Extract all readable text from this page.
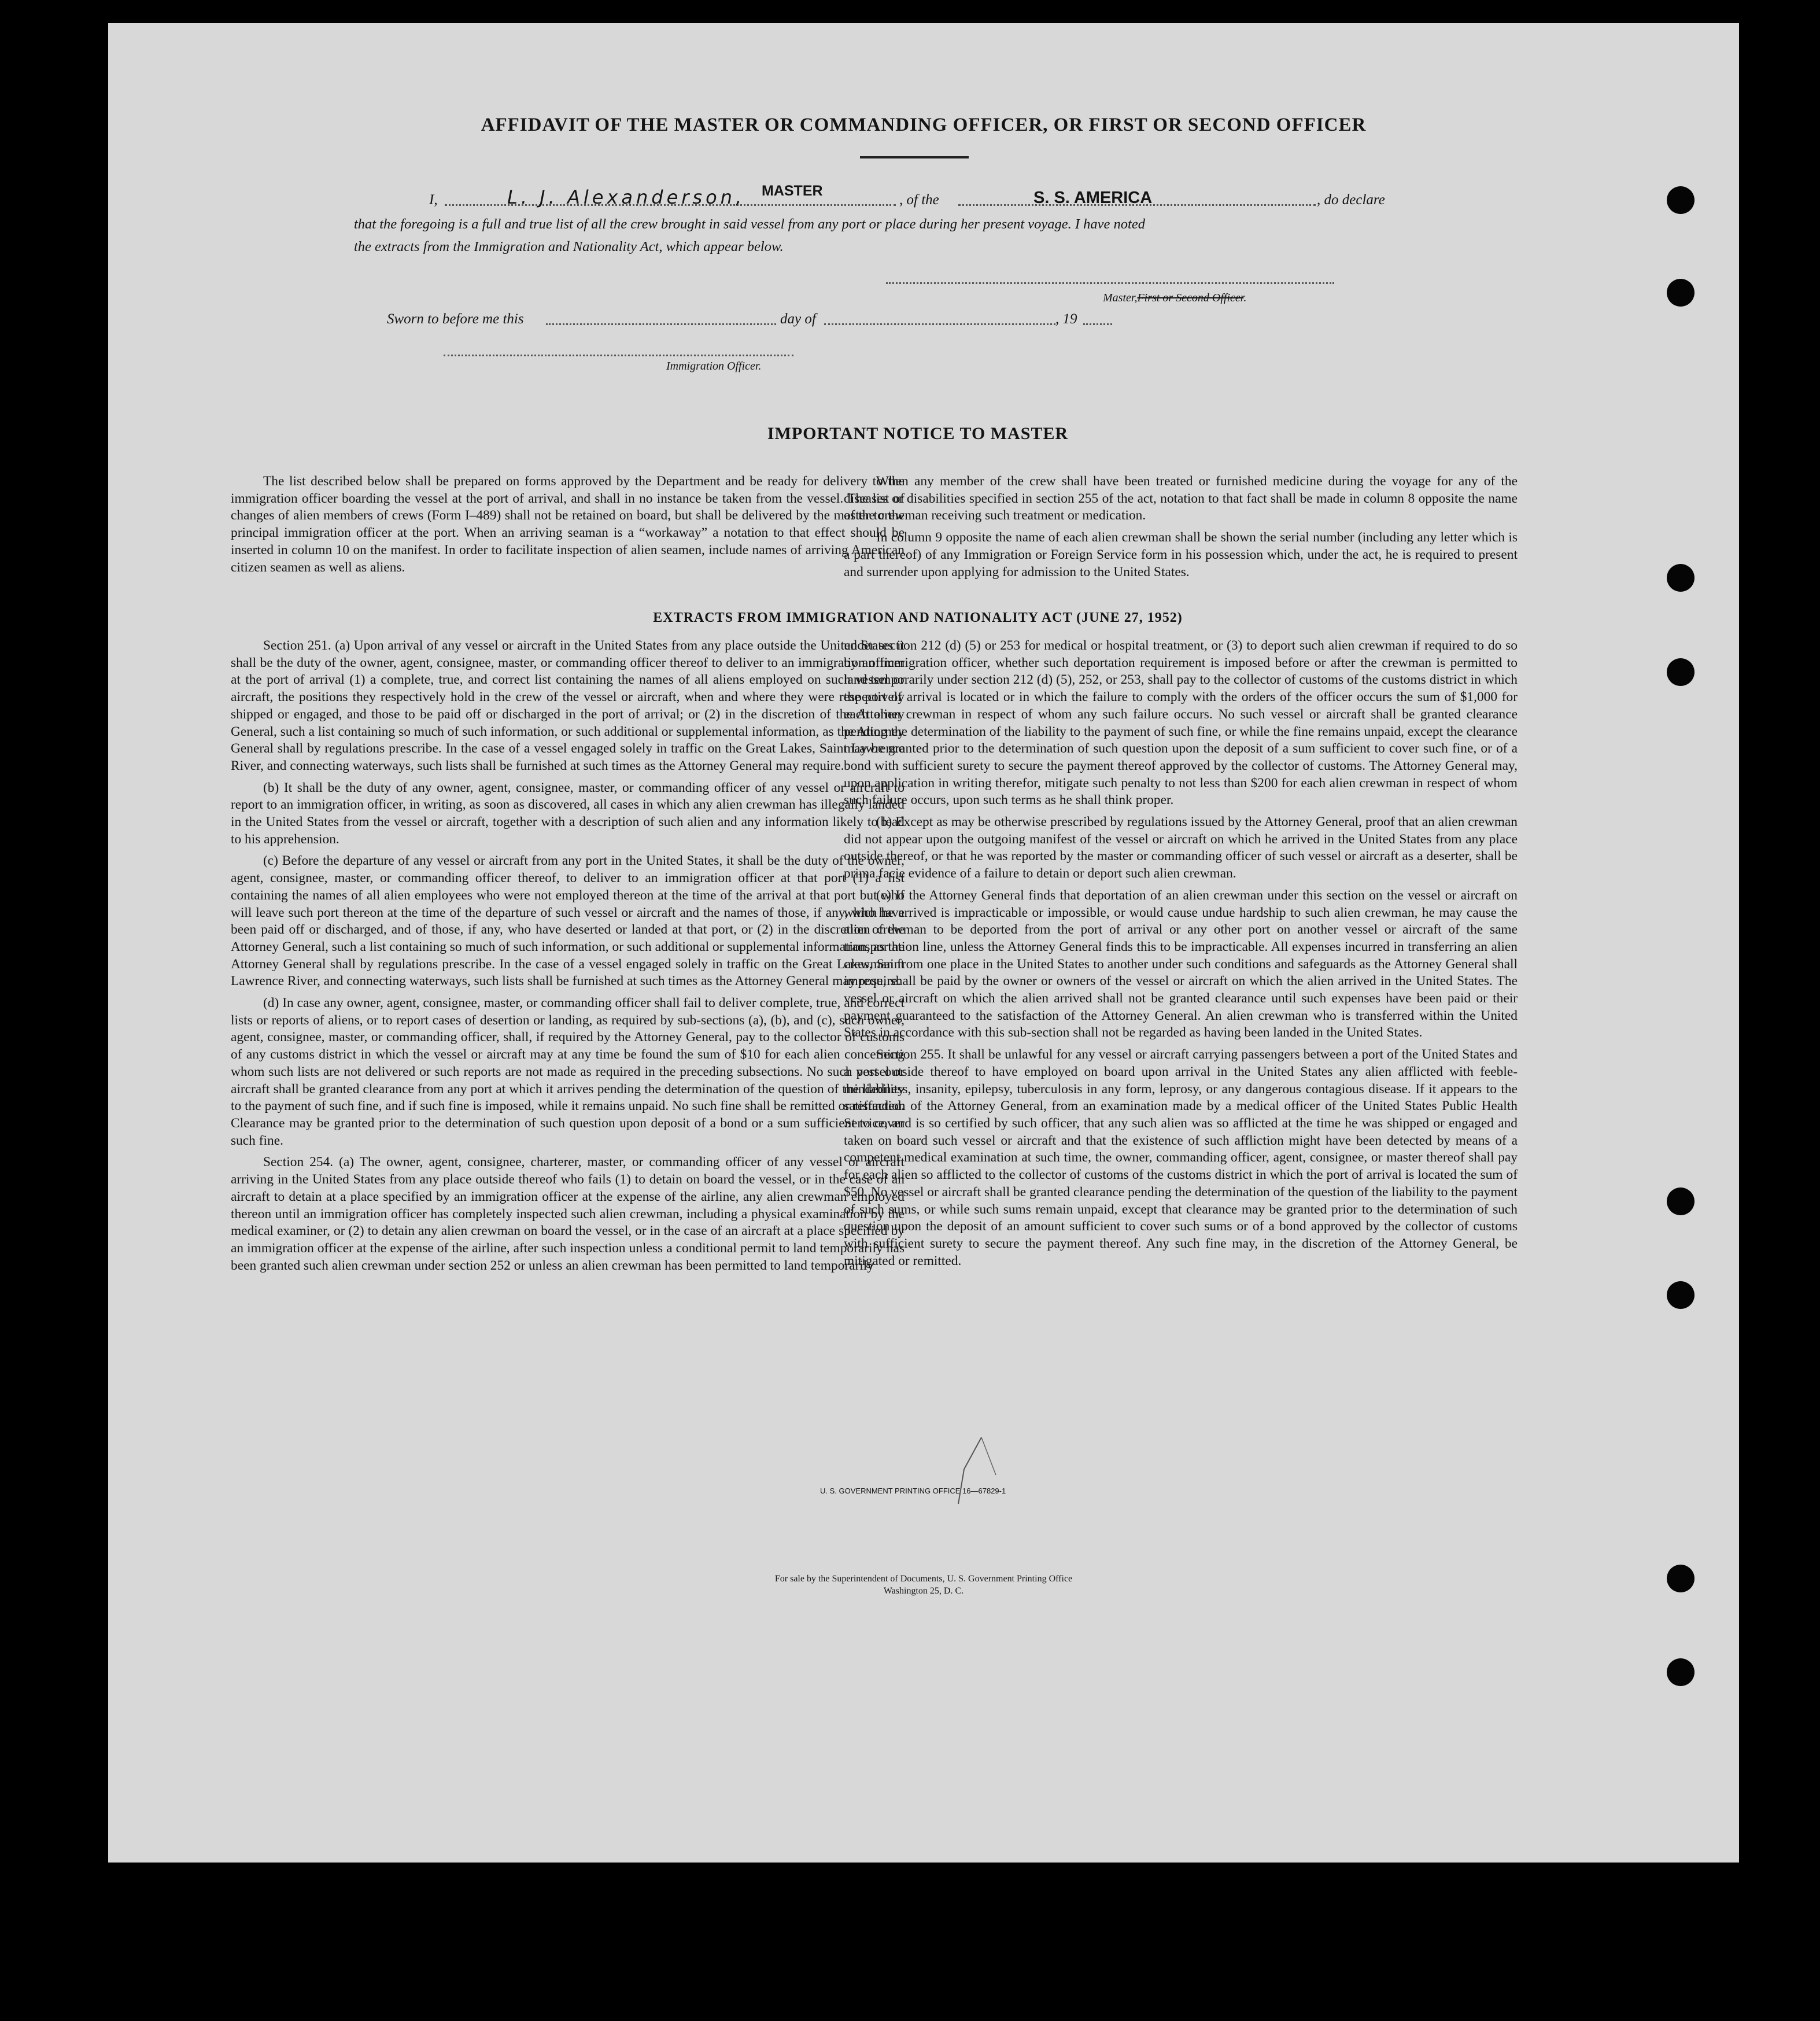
AFFIDAVIT OF THE MASTER OR COMMANDING OFFICER, OR FIRST OR SECOND OFFICER
I,	L. J. Alexanderson, MASTER
, of the	S. S. AMERICA	, do declare
that the foregoing is a full and true list of all the crew brought in said vessel from any port or place during her present voyage. I have noted
the extracts from the Immigration and Nationality Act, which appear below.
Master,First or Second Officer.
Sworn to before me this	day of	, 19
Immigration Officer.
IMPORTANT NOTICE TO MASTER

The list described below shall be prepared on forms approved by the Department and be ready for delivery to the immigration officer boarding the vessel at the port of arrival, and shall in no instance be taken from the vessel. The list of changes of alien members of crews (Form I–489) shall not be retained on board, but shall be delivered by the master to the principal immigration officer at the port. When an arriving seaman is a “workaway” a notation to that effect should be inserted in column 10 on the manifest. In order to facilitate inspection of alien seamen, include names of arriving American citizen seamen as well as aliens.

When any member of the crew shall have been treated or furnished medicine during the voyage for any of the diseases or disabilities specified in section 255 of the act, notation to that fact shall be made in column 8 opposite the name of the crewman receiving such treatment or medication.

In column 9 opposite the name of each alien crewman shall be shown the serial number (including any letter which is a part thereof) of any Immigration or Foreign Service form in his possession which, under the act, he is required to present and surrender upon applying for admission to the United States.

EXTRACTS FROM IMMIGRATION AND NATIONALITY ACT (JUNE 27, 1952)

Section 251. (a) Upon arrival of any vessel or aircraft in the United States from any place outside the United States it shall be the duty of the owner, agent, consignee, master, or commanding officer thereof to deliver to an immigration officer at the port of arrival (1) a complete, true, and correct list containing the names of all aliens employed on such vessel or aircraft, the positions they respectively hold in the crew of the vessel or aircraft, when and where they were respectively shipped or engaged, and those to be paid off or discharged in the port of arrival; or (2) in the discretion of the Attorney General, such a list containing so much of such information, or such additional or supplemental information, as the Attorney General shall by regulations prescribe. In the case of a vessel engaged solely in traffic on the Great Lakes, Saint Lawrence River, and connecting waterways, such lists shall be furnished at such times as the Attorney General may require.

(b) It shall be the duty of any owner, agent, consignee, master, or commanding officer of any vessel or aircraft to report to an immigration officer, in writing, as soon as discovered, all cases in which any alien crewman has illegally landed in the United States from the vessel or aircraft, together with a description of such alien and any information likely to lead to his apprehension.

(c) Before the departure of any vessel or aircraft from any port in the United States, it shall be the duty of the owner, agent, consignee, master, or commanding officer thereof, to deliver to an immigration officer at that port (1) a list containing the names of all alien employees who were not employed thereon at the time of the arrival at that port but who will leave such port thereon at the time of the departure of such vessel or aircraft and the names of those, if any, who have been paid off or discharged, and of those, if any, who have deserted or landed at that port, or (2) in the discretion of the Attorney General, such a list containing so much of such information, or such additional or supplemental information, as the Attorney General shall by regulations prescribe. In the case of a vessel engaged solely in traffic on the Great Lakes, Saint Lawrence River, and connecting waterways, such lists shall be furnished at such times as the Attorney General may require.

(d) In case any owner, agent, consignee, master, or commanding officer shall fail to deliver complete, true, and correct lists or reports of aliens, or to report cases of desertion or landing, as required by sub-sections (a), (b), and (c), such owner, agent, consignee, master, or commanding officer, shall, if required by the Attorney General, pay to the collector of customs of any customs district in which the vessel or aircraft may at any time be found the sum of $10 for each alien concerning whom such lists are not delivered or such reports are not made as required in the preceding subsections. No such vessel or aircraft shall be granted clearance from any port at which it arrives pending the determination of the question of the liability to the payment of such fine, and if such fine is imposed, while it remains unpaid. No such fine shall be remitted or refunded. Clearance may be granted prior to the determination of such question upon deposit of a bond or a sum sufficient to cover such fine.

Section 254. (a) The owner, agent, consignee, charterer, master, or commanding officer of any vessel or aircraft arriving in the United States from any place outside thereof who fails (1) to detain on board the vessel, or in the case of an aircraft to detain at a place specified by an immigration officer at the expense of the airline, any alien crewman employed thereon until an immigration officer has completely inspected such alien crewman, including a physical examination by the medical examiner, or (2) to detain any alien crewman on board the vessel, or in the case of an aircraft at a place specified by an immigration officer at the expense of the airline, after such inspection unless a conditional permit to land temporarily has been granted such alien crewman under section 252 or unless an alien crewman has been permitted to land temporarily

under section 212 (d) (5) or 253 for medical or hospital treatment, or (3) to deport such alien crewman if required to do so by an immigration officer, whether such deportation requirement is imposed before or after the crewman is permitted to land temporarily under section 212 (d) (5), 252, or 253, shall pay to the collector of customs of the customs district in which the port of arrival is located or in which the failure to comply with the orders of the officer occurs the sum of $1,000 for each alien crewman in respect of whom any such failure occurs. No such vessel or aircraft shall be granted clearance pending the determination of the liability to the payment of such fine, or while the fine remains unpaid, except the clearance may be granted prior to the determination of such question upon the deposit of a sum sufficient to cover such fine, or of a bond with sufficient surety to secure the payment thereof approved by the collector of customs. The Attorney General may, upon application in writing therefor, mitigate such penalty to not less than $200 for each alien crewman in respect of whom such failure occurs, upon such terms as he shall think proper.

(b) Except as may be otherwise prescribed by regulations issued by the Attorney General, proof that an alien crewman did not appear upon the outgoing manifest of the vessel or aircraft on which he arrived in the United States from any place outside thereof, or that he was reported by the master or commanding officer of such vessel or aircraft as a deserter, shall be prima facie evidence of a failure to detain or deport such alien crewman.

(c) If the Attorney General finds that deportation of an alien crewman under this section on the vessel or aircraft on which he arrived is impracticable or impossible, or would cause undue hardship to such alien crewman, he may cause the alien crewman to be deported from the port of arrival or any other port on another vessel or aircraft of the same transportation line, unless the Attorney General finds this to be impracticable. All expenses incurred in transferring an alien crewman from one place in the United States to another under such conditions and safeguards as the Attorney General shall impose, shall be paid by the owner or owners of the vessel or aircraft on which the alien arrived in the United States. The vessel or aircraft on which the alien arrived shall not be granted clearance until such expenses have been paid or their payment guaranteed to the satisfaction of the Attorney General. An alien crewman who is transferred within the United States in accordance with this sub-section shall not be regarded as having been landed in the United States.

Section 255. It shall be unlawful for any vessel or aircraft carrying passengers between a port of the United States and a port outside thereof to have employed on board upon arrival in the United States any alien afflicted with feeble-mindedness, insanity, epilepsy, tuberculosis in any form, leprosy, or any dangerous contagious disease. If it appears to the satisfaction of the Attorney General, from an examination made by a medical officer of the United States Public Health Service, and is so certified by such officer, that any such alien was so afflicted at the time he was shipped or engaged and taken on board such vessel or aircraft and that the existence of such affliction might have been detected by means of a competent medical examination at such time, the owner, commanding officer, agent, consignee, or master thereof shall pay for each alien so afflicted to the collector of customs of the customs district in which the port of arrival is located the sum of $50. No vessel or aircraft shall be granted clearance pending the determination of the question of the liability to the payment of such sums, or while such sums remain unpaid, except that clearance may be granted prior to the determination of such question upon the deposit of an amount sufficient to cover such sums or of a bond approved by the collector of customs with sufficient surety to secure the payment thereof. Any such fine may, in the discretion of the Attorney General, be mitigated or remitted.

U. S. GOVERNMENT PRINTING OFFICE 16—67829-1
For sale by the Superintendent of Documents, U. S. Government Printing Office
Washington 25, D. C.
